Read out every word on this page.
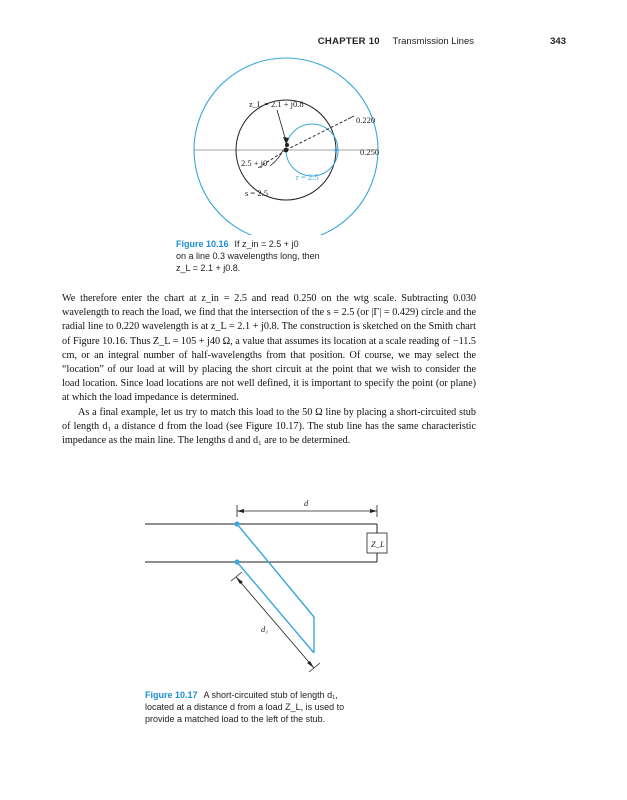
CHAPTER 10 Transmission Lines	343
z_L = 2.1 + j0.8
0.220
0.250
2.5 + j0
s = 2.5
r = 2.5
Figure 10.16 If z_in = 2.5 + j0
on a line 0.3 wavelengths long, then
z_L = 2.1 + j0.8.

We therefore enter the chart at z_in = 2.5 and read 0.250 on the wtg scale. Subtracting 0.030 wavelength to reach the load, we find that the intersection of the s = 2.5 (or |Γ| = 0.429) circle and the radial line to 0.220 wavelength is at z_L = 2.1 + j0.8. The construction is sketched on the Smith chart of Figure 10.16. Thus Z_L = 105 + j40 Ω, a value that assumes its location at a scale reading of −11.5 cm, or an integral number of half-wavelengths from that position. Of course, we may select the “location” of our load at will by placing the short circuit at the point that we wish to consider the load location. Since load locations are not well defined, it is important to specify the point (or plane) at which the load impedance is determined.

As a final example, let us try to match this load to the 50 Ω line by placing a short-circuited stub of length d₁ a distance d from the load (see Figure 10.17). The stub line has the same characteristic impedance as the main line. The lengths d and d₁ are to be determined.

d
Z_L
d₁
Figure 10.17 A short-circuited stub of length d₁,
located at a distance d from a load Z_L, is used to
provide a matched load to the left of the stub.
